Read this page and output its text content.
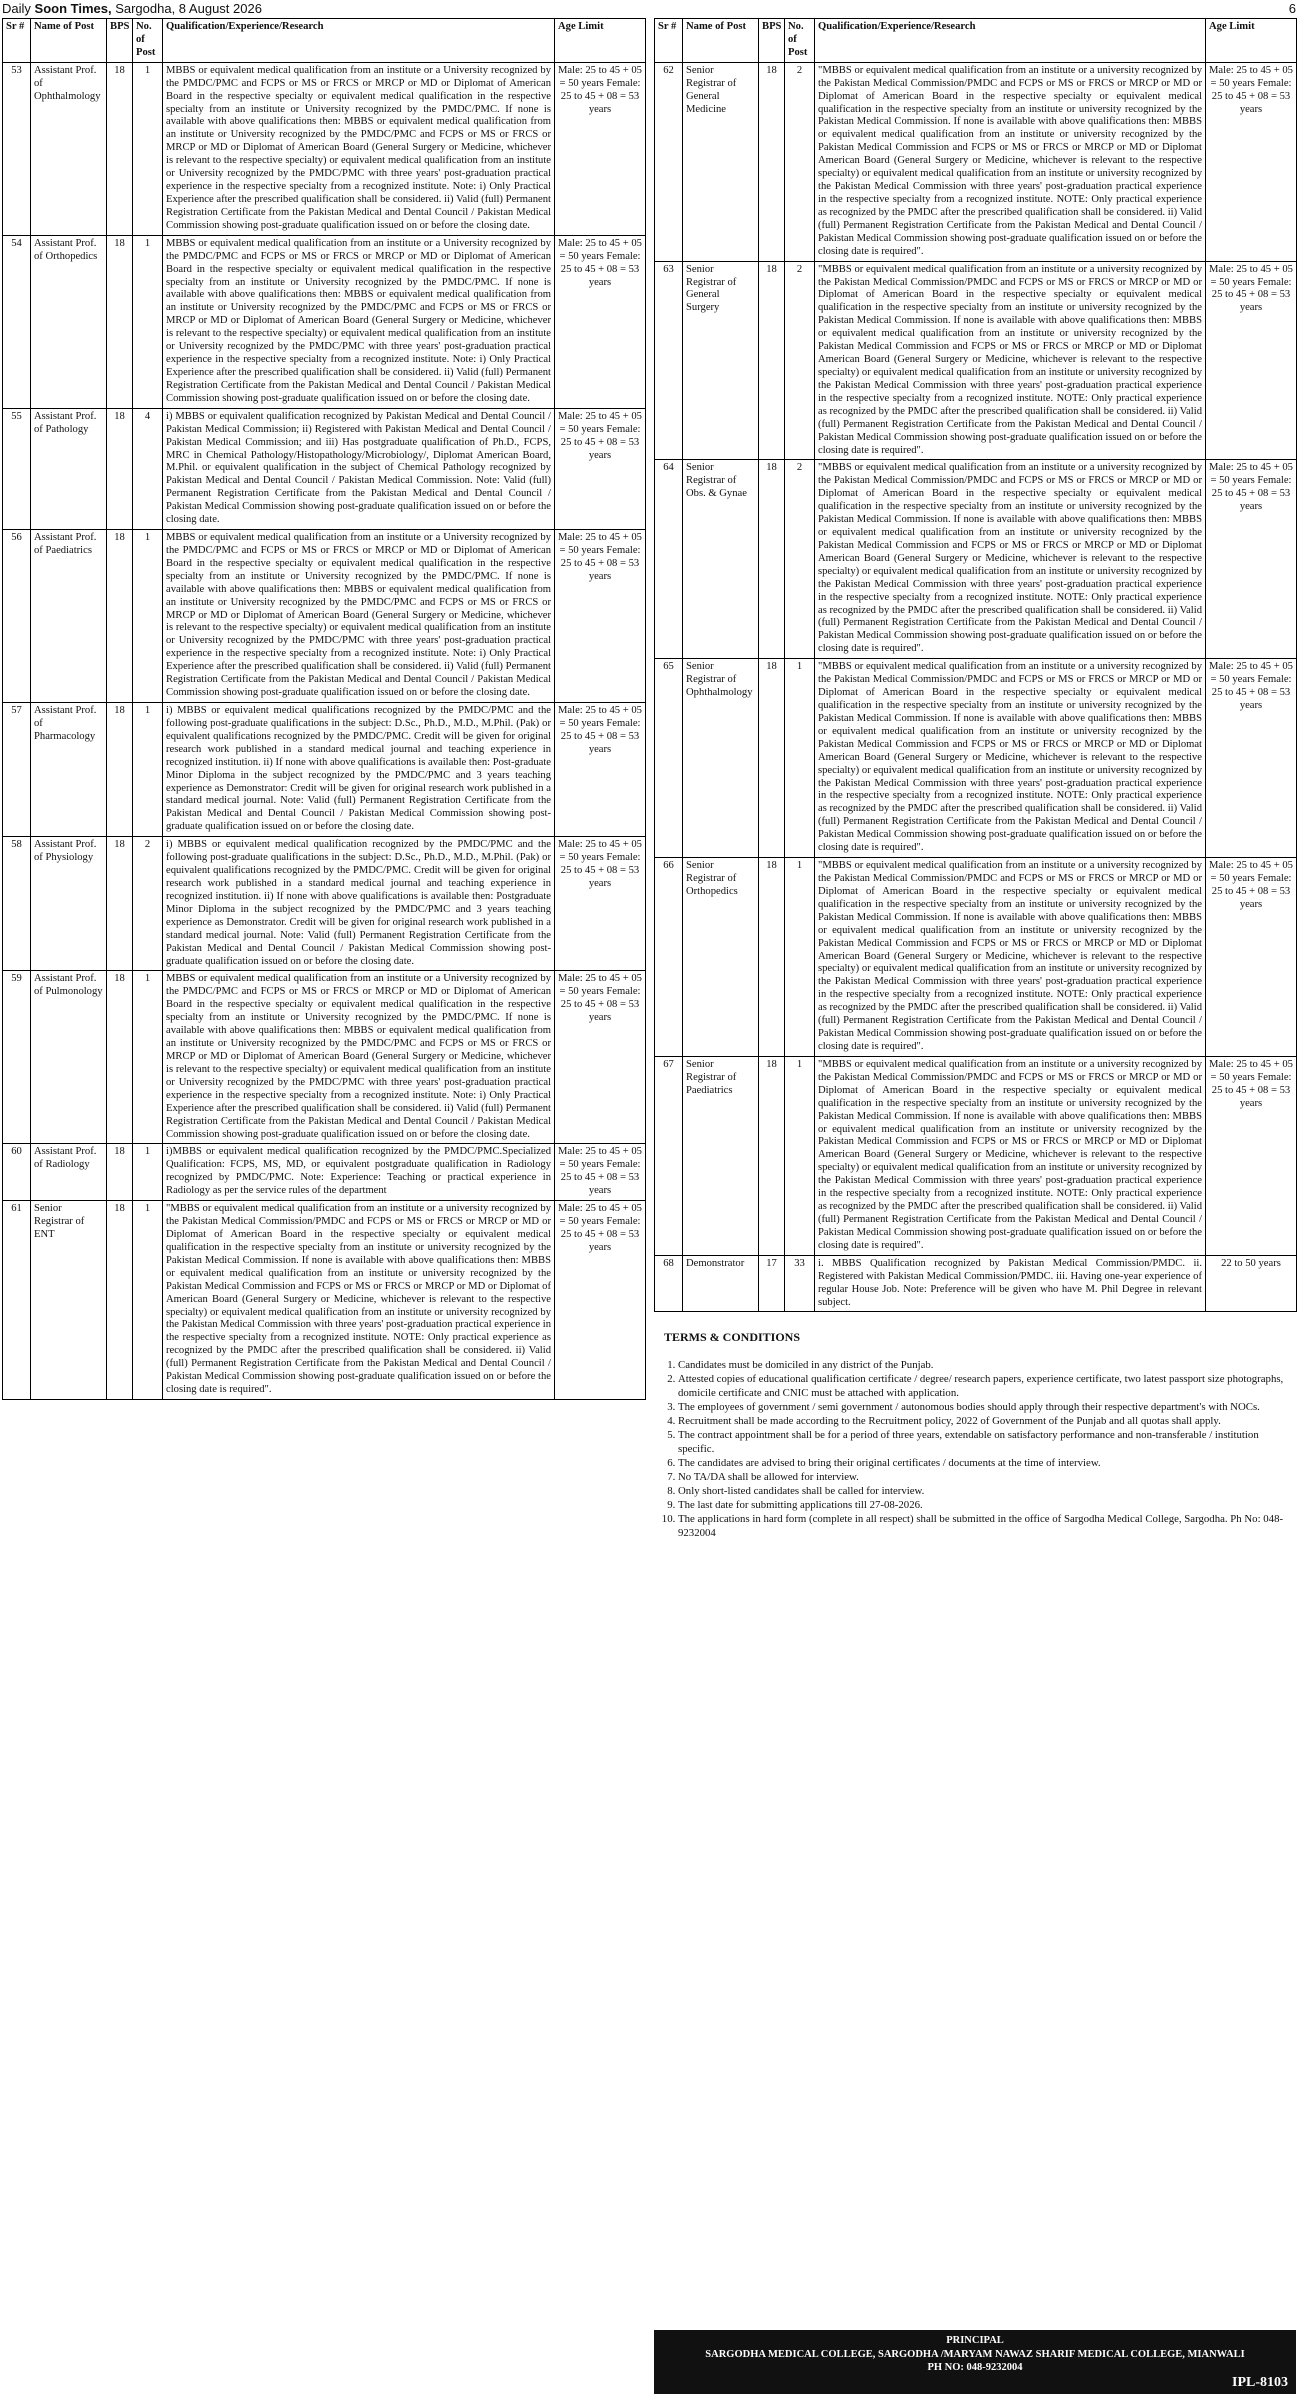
Daily Soon Times, Sargodha, 8 August 2026	6
Sr #	Name of Post	BPS	No. of Post	Qualification/Experience/Research	Age Limit
53	Assistant Prof. of Ophthalmology	18	1	MBBS or equivalent medical qualification from an institute or a University recognized by the PMDC/PMC and FCPS or MS or FRCS or MRCP or MD or Diplomat of American Board in the respective specialty or equivalent medical qualification in the respective specialty from an institute or University recognized by the PMDC/PMC. If none is available with above qualifications then: MBBS or equivalent medical qualification from an institute or University recognized by the PMDC/PMC and FCPS or MS or FRCS or MRCP or MD or Diplomat of American Board (General Surgery or Medicine, whichever is relevant to the respective specialty) or equivalent medical qualification from an institute or University recognized by the PMDC/PMC with three years' post-graduation practical experience in the respective specialty from a recognized institute. Note: i) Only Practical Experience after the prescribed qualification shall be considered. ii) Valid (full) Permanent Registration Certificate from the Pakistan Medical and Dental Council / Pakistan Medical Commission showing post-graduate qualification issued on or before the closing date.	Male: 25 to 45 + 05 = 50 years Female: 25 to 45 + 08 = 53 years
54	Assistant Prof. of Orthopedics	18	1	MBBS or equivalent medical qualification from an institute or a University recognized by the PMDC/PMC and FCPS or MS or FRCS or MRCP or MD or Diplomat of American Board in the respective specialty or equivalent medical qualification in the respective specialty from an institute or University recognized by the PMDC/PMC. If none is available with above qualifications then: MBBS or equivalent medical qualification from an institute or University recognized by the PMDC/PMC and FCPS or MS or FRCS or MRCP or MD or Diplomat of American Board (General Surgery or Medicine, whichever is relevant to the respective specialty) or equivalent medical qualification from an institute or University recognized by the PMDC/PMC with three years' post-graduation practical experience in the respective specialty from a recognized institute. Note: i) Only Practical Experience after the prescribed qualification shall be considered. ii) Valid (full) Permanent Registration Certificate from the Pakistan Medical and Dental Council / Pakistan Medical Commission showing post-graduate qualification issued on or before the closing date.	Male: 25 to 45 + 05 = 50 years Female: 25 to 45 + 08 = 53 years
55	Assistant Prof. of Pathology	18	4	i) MBBS or equivalent qualification recognized by Pakistan Medical and Dental Council / Pakistan Medical Commission; ii) Registered with Pakistan Medical and Dental Council / Pakistan Medical Commission; and iii) Has postgraduate qualification of Ph.D., FCPS, MRC in Chemical Pathology/Histopathology/Microbiology/, Diplomat American Board, M.Phil. or equivalent qualification in the subject of Chemical Pathology recognized by Pakistan Medical and Dental Council / Pakistan Medical Commission. Note: Valid (full) Permanent Registration Certificate from the Pakistan Medical and Dental Council / Pakistan Medical Commission showing post-graduate qualification issued on or before the closing date.	Male: 25 to 45 + 05 = 50 years Female: 25 to 45 + 08 = 53 years
56	Assistant Prof. of Paediatrics	18	1	MBBS or equivalent medical qualification from an institute or a University recognized by the PMDC/PMC and FCPS or MS or FRCS or MRCP or MD or Diplomat of American Board in the respective specialty or equivalent medical qualification in the respective specialty from an institute or University recognized by the PMDC/PMC. If none is available with above qualifications then: MBBS or equivalent medical qualification from an institute or University recognized by the PMDC/PMC and FCPS or MS or FRCS or MRCP or MD or Diplomat of American Board (General Surgery or Medicine, whichever is relevant to the respective specialty) or equivalent medical qualification from an institute or University recognized by the PMDC/PMC with three years' post-graduation practical experience in the respective specialty from a recognized institute. Note: i) Only Practical Experience after the prescribed qualification shall be considered. ii) Valid (full) Permanent Registration Certificate from the Pakistan Medical and Dental Council / Pakistan Medical Commission showing post-graduate qualification issued on or before the closing date.	Male: 25 to 45 + 05 = 50 years Female: 25 to 45 + 08 = 53 years
57	Assistant Prof. of Pharmacology	18	1	i) MBBS or equivalent medical qualifications recognized by the PMDC/PMC and the following post-graduate qualifications in the subject: D.Sc., Ph.D., M.D., M.Phil. (Pak) or equivalent qualifications recognized by the PMDC/PMC. Credit will be given for original research work published in a standard medical journal and teaching experience in recognized institution. ii) If none with above qualifications is available then: Post-graduate Minor Diploma in the subject recognized by the PMDC/PMC and 3 years teaching experience as Demonstrator: Credit will be given for original research work published in a standard medical journal. Note: Valid (full) Permanent Registration Certificate from the Pakistan Medical and Dental Council / Pakistan Medical Commission showing post-graduate qualification issued on or before the closing date.	Male: 25 to 45 + 05 = 50 years Female: 25 to 45 + 08 = 53 years
58	Assistant Prof. of Physiology	18	2	i) MBBS or equivalent medical qualification recognized by the PMDC/PMC and the following post-graduate qualifications in the subject: D.Sc., Ph.D., M.D., M.Phil. (Pak) or equivalent qualifications recognized by the PMDC/PMC. Credit will be given for original research work published in a standard medical journal and teaching experience in recognized institution. ii) If none with above qualifications is available then: Postgraduate Minor Diploma in the subject recognized by the PMDC/PMC and 3 years teaching experience as Demonstrator. Credit will be given for original research work published in a standard medical journal. Note: Valid (full) Permanent Registration Certificate from the Pakistan Medical and Dental Council / Pakistan Medical Commission showing post-graduate qualification issued on or before the closing date.	Male: 25 to 45 + 05 = 50 years Female: 25 to 45 + 08 = 53 years
59	Assistant Prof. of Pulmonology	18	1	MBBS or equivalent medical qualification from an institute or a University recognized by the PMDC/PMC and FCPS or MS or FRCS or MRCP or MD or Diplomat of American Board in the respective specialty or equivalent medical qualification in the respective specialty from an institute or University recognized by the PMDC/PMC. If none is available with above qualifications then: MBBS or equivalent medical qualification from an institute or University recognized by the PMDC/PMC and FCPS or MS or FRCS or MRCP or MD or Diplomat of American Board (General Surgery or Medicine, whichever is relevant to the respective specialty) or equivalent medical qualification from an institute or University recognized by the PMDC/PMC with three years' post-graduation practical experience in the respective specialty from a recognized institute. Note: i) Only Practical Experience after the prescribed qualification shall be considered. ii) Valid (full) Permanent Registration Certificate from the Pakistan Medical and Dental Council / Pakistan Medical Commission showing post-graduate qualification issued on or before the closing date.	Male: 25 to 45 + 05 = 50 years Female: 25 to 45 + 08 = 53 years
60	Assistant Prof. of Radiology	18	1	i)MBBS or equivalent medical qualification recognized by the PMDC/PMC.Specialized Qualification: FCPS, MS, MD, or equivalent postgraduate qualification in Radiology recognized by PMDC/PMC. Note: Experience: Teaching or practical experience in Radiology as per the service rules of the department	Male: 25 to 45 + 05 = 50 years Female: 25 to 45 + 08 = 53 years
61	Senior Registrar of ENT	18	1	"MBBS or equivalent medical qualification from an institute or a university recognized by the Pakistan Medical Commission/PMDC and FCPS or MS or FRCS or MRCP or MD or Diplomat of American Board in the respective specialty or equivalent medical qualification in the respective specialty from an institute or university recognized by the Pakistan Medical Commission. If none is available with above qualifications then: MBBS or equivalent medical qualification from an institute or university recognized by the Pakistan Medical Commission and FCPS or MS or FRCS or MRCP or MD or Diplomat of American Board (General Surgery or Medicine, whichever is relevant to the respective specialty) or equivalent medical qualification from an institute or university recognized by the Pakistan Medical Commission with three years' post-graduation practical experience in the respective specialty from a recognized institute. NOTE: Only practical experience as recognized by the PMDC after the prescribed qualification shall be considered. ii) Valid (full) Permanent Registration Certificate from the Pakistan Medical and Dental Council / Pakistan Medical Commission showing post-graduate qualification issued on or before the closing date is required".	Male: 25 to 45 + 05 = 50 years Female: 25 to 45 + 08 = 53 years
Sr #	Name of Post	BPS	No. of Post	Qualification/Experience/Research	Age Limit
62	Senior Registrar of General Medicine	18	2	"MBBS or equivalent medical qualification from an institute or a university recognized by the Pakistan Medical Commission/PMDC and FCPS or MS or FRCS or MRCP or MD or Diplomat of American Board in the respective specialty or equivalent medical qualification in the respective specialty from an institute or university recognized by the Pakistan Medical Commission. If none is available with above qualifications then: MBBS or equivalent medical qualification from an institute or university recognized by the Pakistan Medical Commission and FCPS or MS or FRCS or MRCP or MD or Diplomat American Board (General Surgery or Medicine, whichever is relevant to the respective specialty) or equivalent medical qualification from an institute or university recognized by the Pakistan Medical Commission with three years' post-graduation practical experience in the respective specialty from a recognized institute. NOTE: Only practical experience as recognized by the PMDC after the prescribed qualification shall be considered. ii) Valid (full) Permanent Registration Certificate from the Pakistan Medical and Dental Council / Pakistan Medical Commission showing post-graduate qualification issued on or before the closing date is required".	Male: 25 to 45 + 05 = 50 years Female: 25 to 45 + 08 = 53 years
63	Senior Registrar of General Surgery	18	2	"MBBS or equivalent medical qualification from an institute or a university recognized by the Pakistan Medical Commission/PMDC and FCPS or MS or FRCS or MRCP or MD or Diplomat of American Board in the respective specialty or equivalent medical qualification in the respective specialty from an institute or university recognized by the Pakistan Medical Commission. If none is available with above qualifications then: MBBS or equivalent medical qualification from an institute or university recognized by the Pakistan Medical Commission and FCPS or MS or FRCS or MRCP or MD or Diplomat American Board (General Surgery or Medicine, whichever is relevant to the respective specialty) or equivalent medical qualification from an institute or university recognized by the Pakistan Medical Commission with three years' post-graduation practical experience in the respective specialty from a recognized institute. NOTE: Only practical experience as recognized by the PMDC after the prescribed qualification shall be considered. ii) Valid (full) Permanent Registration Certificate from the Pakistan Medical and Dental Council / Pakistan Medical Commission showing post-graduate qualification issued on or before the closing date is required".	Male: 25 to 45 + 05 = 50 years Female: 25 to 45 + 08 = 53 years
64	Senior Registrar of Obs. & Gynae	18	2	"MBBS or equivalent medical qualification from an institute or a university recognized by the Pakistan Medical Commission/PMDC and FCPS or MS or FRCS or MRCP or MD or Diplomat of American Board in the respective specialty or equivalent medical qualification in the respective specialty from an institute or university recognized by the Pakistan Medical Commission. If none is available with above qualifications then: MBBS or equivalent medical qualification from an institute or university recognized by the Pakistan Medical Commission and FCPS or MS or FRCS or MRCP or MD or Diplomat American Board (General Surgery or Medicine, whichever is relevant to the respective specialty) or equivalent medical qualification from an institute or university recognized by the Pakistan Medical Commission with three years' post-graduation practical experience in the respective specialty from a recognized institute. NOTE: Only practical experience as recognized by the PMDC after the prescribed qualification shall be considered. ii) Valid (full) Permanent Registration Certificate from the Pakistan Medical and Dental Council / Pakistan Medical Commission showing post-graduate qualification issued on or before the closing date is required".	Male: 25 to 45 + 05 = 50 years Female: 25 to 45 + 08 = 53 years
65	Senior Registrar of Ophthalmology	18	1	"MBBS or equivalent medical qualification from an institute or a university recognized by the Pakistan Medical Commission/PMDC and FCPS or MS or FRCS or MRCP or MD or Diplomat of American Board in the respective specialty or equivalent medical qualification in the respective specialty from an institute or university recognized by the Pakistan Medical Commission. If none is available with above qualifications then: MBBS or equivalent medical qualification from an institute or university recognized by the Pakistan Medical Commission and FCPS or MS or FRCS or MRCP or MD or Diplomat American Board (General Surgery or Medicine, whichever is relevant to the respective specialty) or equivalent medical qualification from an institute or university recognized by the Pakistan Medical Commission with three years' post-graduation practical experience in the respective specialty from a recognized institute. NOTE: Only practical experience as recognized by the PMDC after the prescribed qualification shall be considered. ii) Valid (full) Permanent Registration Certificate from the Pakistan Medical and Dental Council / Pakistan Medical Commission showing post-graduate qualification issued on or before the closing date is required".	Male: 25 to 45 + 05 = 50 years Female: 25 to 45 + 08 = 53 years
66	Senior Registrar of Orthopedics	18	1	"MBBS or equivalent medical qualification from an institute or a university recognized by the Pakistan Medical Commission/PMDC and FCPS or MS or FRCS or MRCP or MD or Diplomat of American Board in the respective specialty or equivalent medical qualification in the respective specialty from an institute or university recognized by the Pakistan Medical Commission. If none is available with above qualifications then: MBBS or equivalent medical qualification from an institute or university recognized by the Pakistan Medical Commission and FCPS or MS or FRCS or MRCP or MD or Diplomat American Board (General Surgery or Medicine, whichever is relevant to the respective specialty) or equivalent medical qualification from an institute or university recognized by the Pakistan Medical Commission with three years' post-graduation practical experience in the respective specialty from a recognized institute. NOTE: Only practical experience as recognized by the PMDC after the prescribed qualification shall be considered. ii) Valid (full) Permanent Registration Certificate from the Pakistan Medical and Dental Council / Pakistan Medical Commission showing post-graduate qualification issued on or before the closing date is required".	Male: 25 to 45 + 05 = 50 years Female: 25 to 45 + 08 = 53 years
67	Senior Registrar of Paediatrics	18	1	"MBBS or equivalent medical qualification from an institute or a university recognized by the Pakistan Medical Commission/PMDC and FCPS or MS or FRCS or MRCP or MD or Diplomat of American Board in the respective specialty or equivalent medical qualification in the respective specialty from an institute or university recognized by the Pakistan Medical Commission. If none is available with above qualifications then: MBBS or equivalent medical qualification from an institute or university recognized by the Pakistan Medical Commission and FCPS or MS or FRCS or MRCP or MD or Diplomat American Board (General Surgery or Medicine, whichever is relevant to the respective specialty) or equivalent medical qualification from an institute or university recognized by the Pakistan Medical Commission with three years' post-graduation practical experience in the respective specialty from a recognized institute. NOTE: Only practical experience as recognized by the PMDC after the prescribed qualification shall be considered. ii) Valid (full) Permanent Registration Certificate from the Pakistan Medical and Dental Council / Pakistan Medical Commission showing post-graduate qualification issued on or before the closing date is required".	Male: 25 to 45 + 05 = 50 years Female: 25 to 45 + 08 = 53 years
68	Demonstrator	17	33	i. MBBS Qualification recognized by Pakistan Medical Commission/PMDC. ii. Registered with Pakistan Medical Commission/PMDC. iii. Having one-year experience of regular House Job. Note: Preference will be given who have M. Phil Degree in relevant subject.	22 to 50 years
TERMS & CONDITIONS
1. Candidates must be domiciled in any district of the Punjab.
2. Attested copies of educational qualification certificate / degree/ research papers, experience certificate, two latest passport size photographs, domicile certificate and CNIC must be attached with application.
3. The employees of government / semi government / autonomous bodies should apply through their respective department's with NOCs.
4. Recruitment shall be made according to the Recruitment policy, 2022 of Government of the Punjab and all quotas shall apply.
5. The contract appointment shall be for a period of three years, extendable on satisfactory performance and non-transferable / institution specific.
6. The candidates are advised to bring their original certificates / documents at the time of interview.
7. No TA/DA shall be allowed for interview.
8. Only short-listed candidates shall be called for interview.
9. The last date for submitting applications till 27-08-2026.
10. The applications in hard form (complete in all respect) shall be submitted in the office of Sargodha Medical College, Sargodha. Ph No: 048-9232004
PRINCIPAL
SARGODHA MEDICAL COLLEGE, SARGODHA /MARYAM NAWAZ SHARIF MEDICAL COLLEGE, MIANWALI
PH NO: 048-9232004
IPL-8103
